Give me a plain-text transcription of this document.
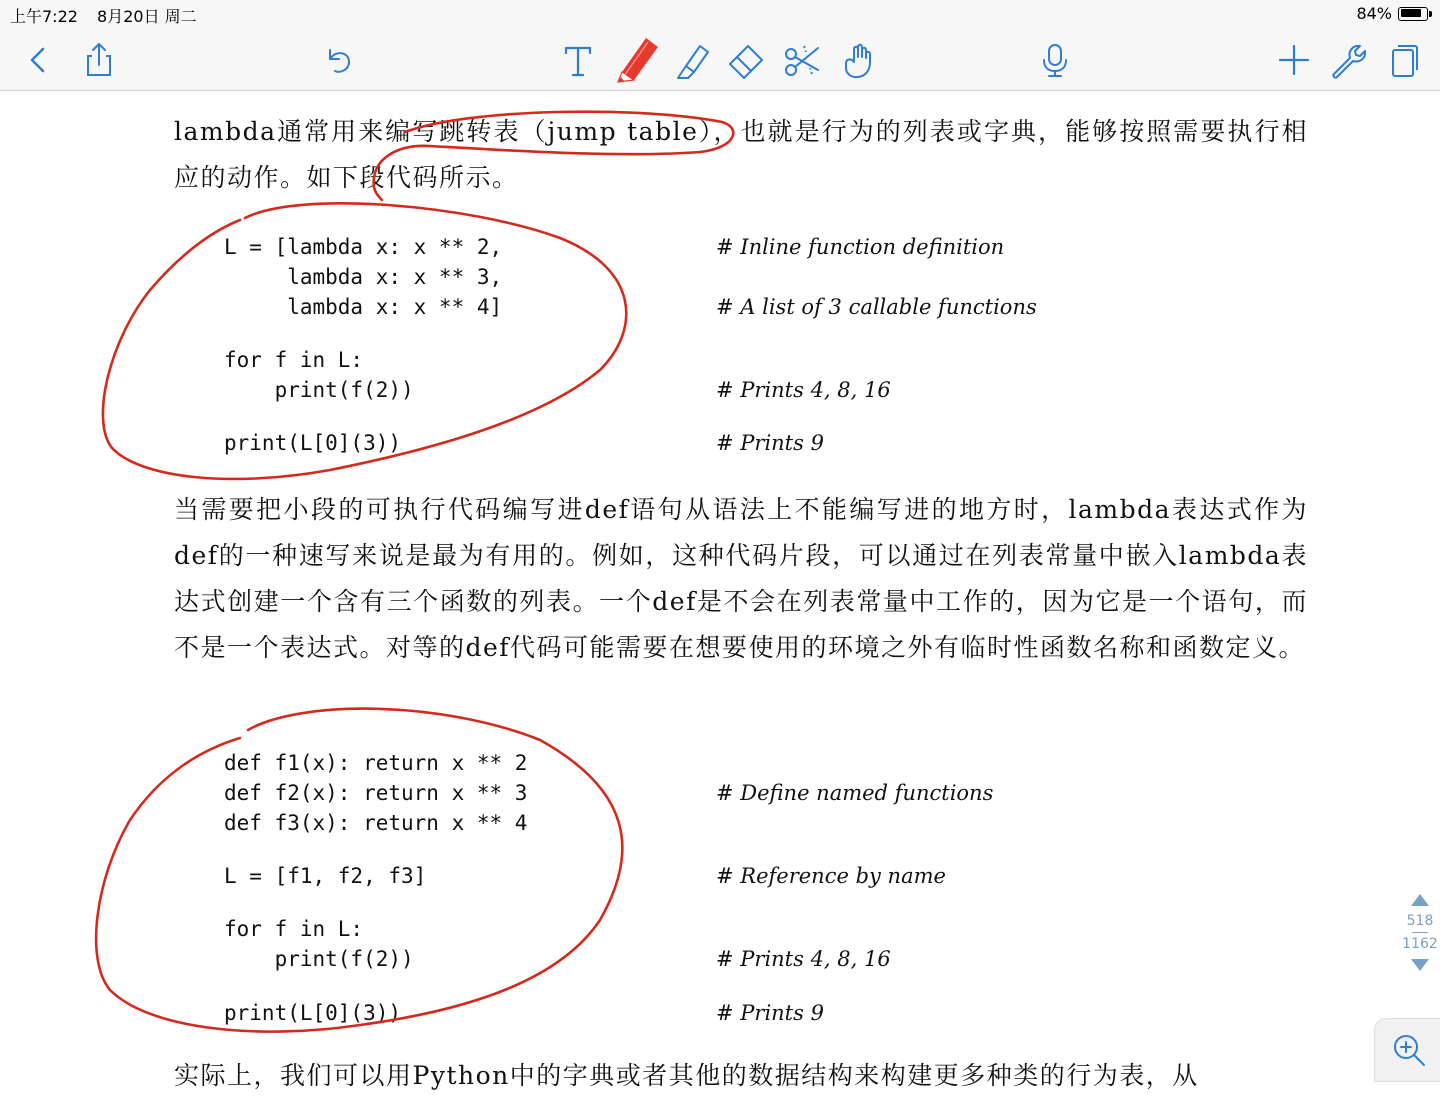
上午7:22 8月20日 周二	84%
lambda通常用来编写跳转表（jump table），也就是行为的列表或字典，能够按照需要执行相应的动作。如下段代码所示。
L = [lambda x: x ** 2,	# Inline function definition
lambda x: x ** 3,
lambda x: x ** 4]	# A list of 3 callable functions
for f in L:
print(f(2))	# Prints 4, 8, 16
print(L[0](3))	# Prints 9
当需要把小段的可执行代码编写进def语句从语法上不能编写进的地方时，lambda表达式作为def的一种速写来说是最为有用的。例如，这种代码片段，可以通过在列表常量中嵌入lambda表达式创建一个含有三个函数的列表。一个def是不会在列表常量中工作的，因为它是一个语句，而不是一个表达式。对等的def代码可能需要在想要使用的环境之外有临时性函数名称和函数定义。
def f1(x): return x ** 2
def f2(x): return x ** 3	# Define named functions
def f3(x): return x ** 4
L = [f1, f2, f3]	# Reference by name
for f in L:
print(f(2))	# Prints 4, 8, 16
print(L[0](3))	# Prints 9
实际上，我们可以用Python中的字典或者其他的数据结构来构建更多种类的行为表，从
518
1162
